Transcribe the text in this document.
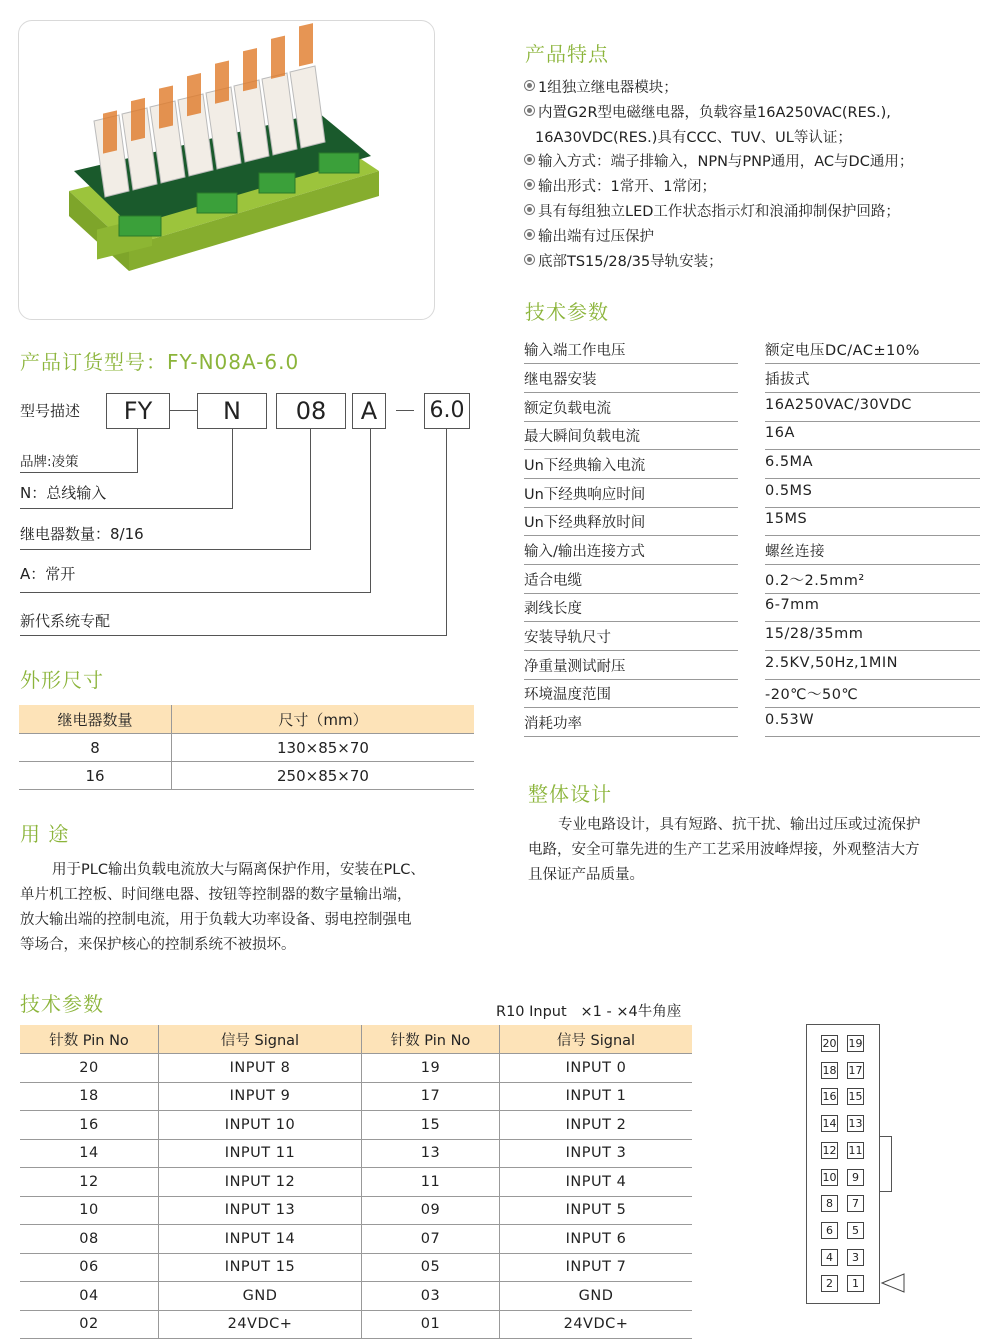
产品特点
1组独立继电器模块；
内置G2R型电磁继电器，负载容量16A250VAC(RES.),
16A30VDC(RES.)具有CCC、TUV、UL等认证；
输入方式：端子排输入，NPN与PNP通用，AC与DC通用；
输出形式：1常开、1常闭；
具有每组独立LED工作状态指示灯和浪涌抑制保护回路；
输出端有过压保护
底部TS15/28/35导轨安装；
技术参数
输入端工作电压	额定电压DC/AC±10%
继电器安装	插拔式
额定负载电流	16A250VAC/30VDC
最大瞬间负载电流	16A
Un下经典输入电流	6.5MA
Un下经典响应时间	0.5MS
Un下经典释放时间	15MS
输入/输出连接方式	螺丝连接
适合电缆	0.2～2.5mm²
剥线长度	6-7mm
安装导轨尺寸	15/28/35mm
净重量测试耐压	2.5KV,50Hz,1MIN
环境温度范围	-20℃～50℃
消耗功率	0.53W
产品订货型号：FY-N08A-6.0
型号描述	FY	N	08	A	6.0
品牌:凌策
N：总线输入
继电器数量：8/16
A：常开
新代系统专配
外形尺寸
继电器数量	尺寸（mm）
8	130×85×70
16	250×85×70
用 途
用于PLC输出负载电流放大与隔离保护作用，安装在PLC、
单片机工控板、时间继电器、按钮等控制器的数字量输出端，
放大输出端的控制电流，用于负载大功率设备、弱电控制强电
等场合，来保护核心的控制系统不被损坏。
整体设计
专业电路设计，具有短路、抗干扰、输出过压或过流保护
电路，安全可靠先进的生产工艺采用波峰焊接，外观整洁大方
且保证产品质量。
技术参数	R10 Input   ×1 - ×4牛角座
针数 Pin No	信号 Signal	针数 Pin No	信号 Signal
20	INPUT 8	19	INPUT 0
18	INPUT 9	17	INPUT 1
16	INPUT 10	15	INPUT 2
14	INPUT 11	13	INPUT 3
12	INPUT 12	11	INPUT 4
10	INPUT 13	09	INPUT 5
08	INPUT 14	07	INPUT 6
06	INPUT 15	05	INPUT 7
04	GND	03	GND
02	24VDC+	01	24VDC+
20 19
18 17
16 15
14 13
12 11
10	9
8	7
6	5
4	3
2	1
